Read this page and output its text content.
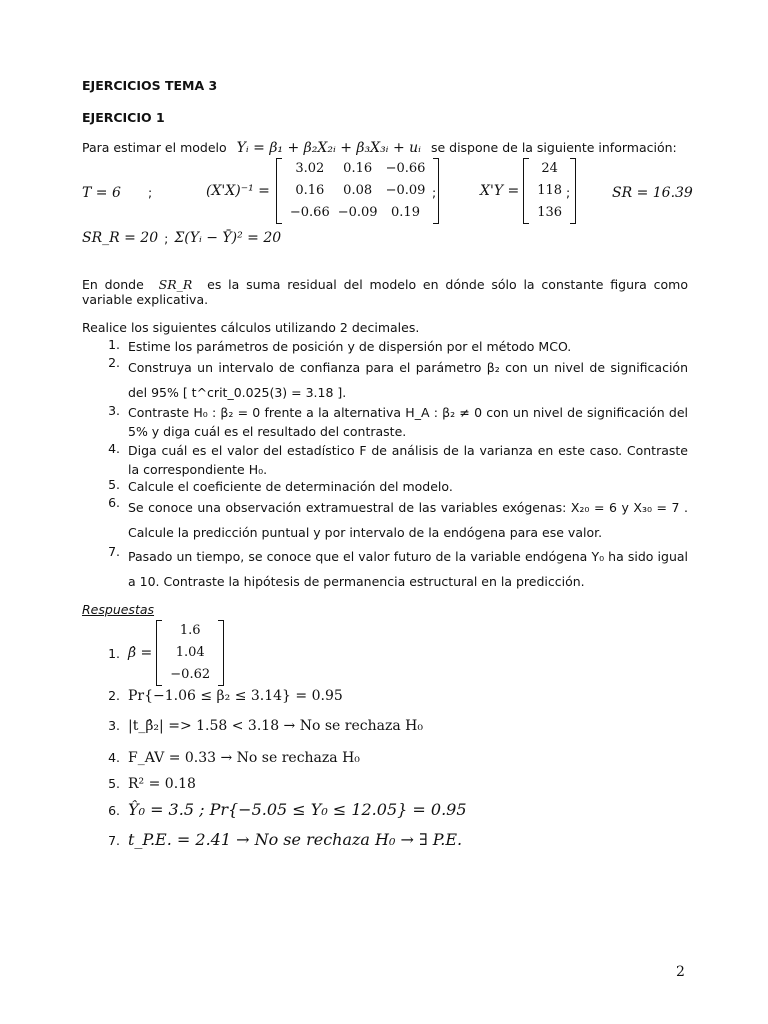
EJERCICIOS TEMA 3
EJERCICIO 1
Para estimar el modelo Yᵢ = β₁ + β₂X₂ᵢ + β₃X₃ᵢ + uᵢ se dispone de la siguiente información:
T = 6 ;	(X'X)⁻¹ =
3.02	0.16	−0.66
0.16	0.08	−0.09
−0.66 −0.09	0.19
;	X'Y =
24
118
136
;	SR = 16.39
SR_R = 20 ; Σ(Yᵢ − Ȳ)² = 20
En donde SR_R es la suma residual del modelo en dónde sólo la constante figura como variable explicativa.
Realice los siguientes cálculos utilizando 2 decimales.
1. Estime los parámetros de posición y de dispersión por el método MCO.
2. Construya un intervalo de confianza para el parámetro β₂ con un nivel de significación del 95% [ t^crit_0.025(3) = 3.18 ].
3. Contraste H₀ : β₂ = 0 frente a la alternativa H_A : β₂ ≠ 0 con un nivel de significación del 5% y diga cuál es el resultado del contraste.
4. Diga cuál es el valor del estadístico F de análisis de la varianza en este caso. Contraste la correspondiente H₀.
5. Calcule el coeficiente de determinación del modelo.
6. Se conoce una observación extramuestral de las variables exógenas: X₂₀ = 6 y X₃₀ = 7 . Calcule la predicción puntual y por intervalo de la endógena para ese valor.
7. Pasado un tiempo, se conoce que el valor futuro de la variable endógena Y₀ ha sido igual a 10. Contraste la hipótesis de permanencia estructural en la predicción.
Respuestas
1. β̂ =
1.6
1.04
−0.62
2. Pr{−1.06 ≤ β₂ ≤ 3.14} = 0.95
3. |t_β̂₂| => 1.58 < 3.18 → No se rechaza H₀
4. F_AV = 0.33 → No se rechaza H₀
5. R² = 0.18
6. Ŷ₀ = 3.5 ; Pr{−5.05 ≤ Y₀ ≤ 12.05} = 0.95
7. t_P.E. = 2.41 → No se rechaza H₀ → ∃ P.E.
2
